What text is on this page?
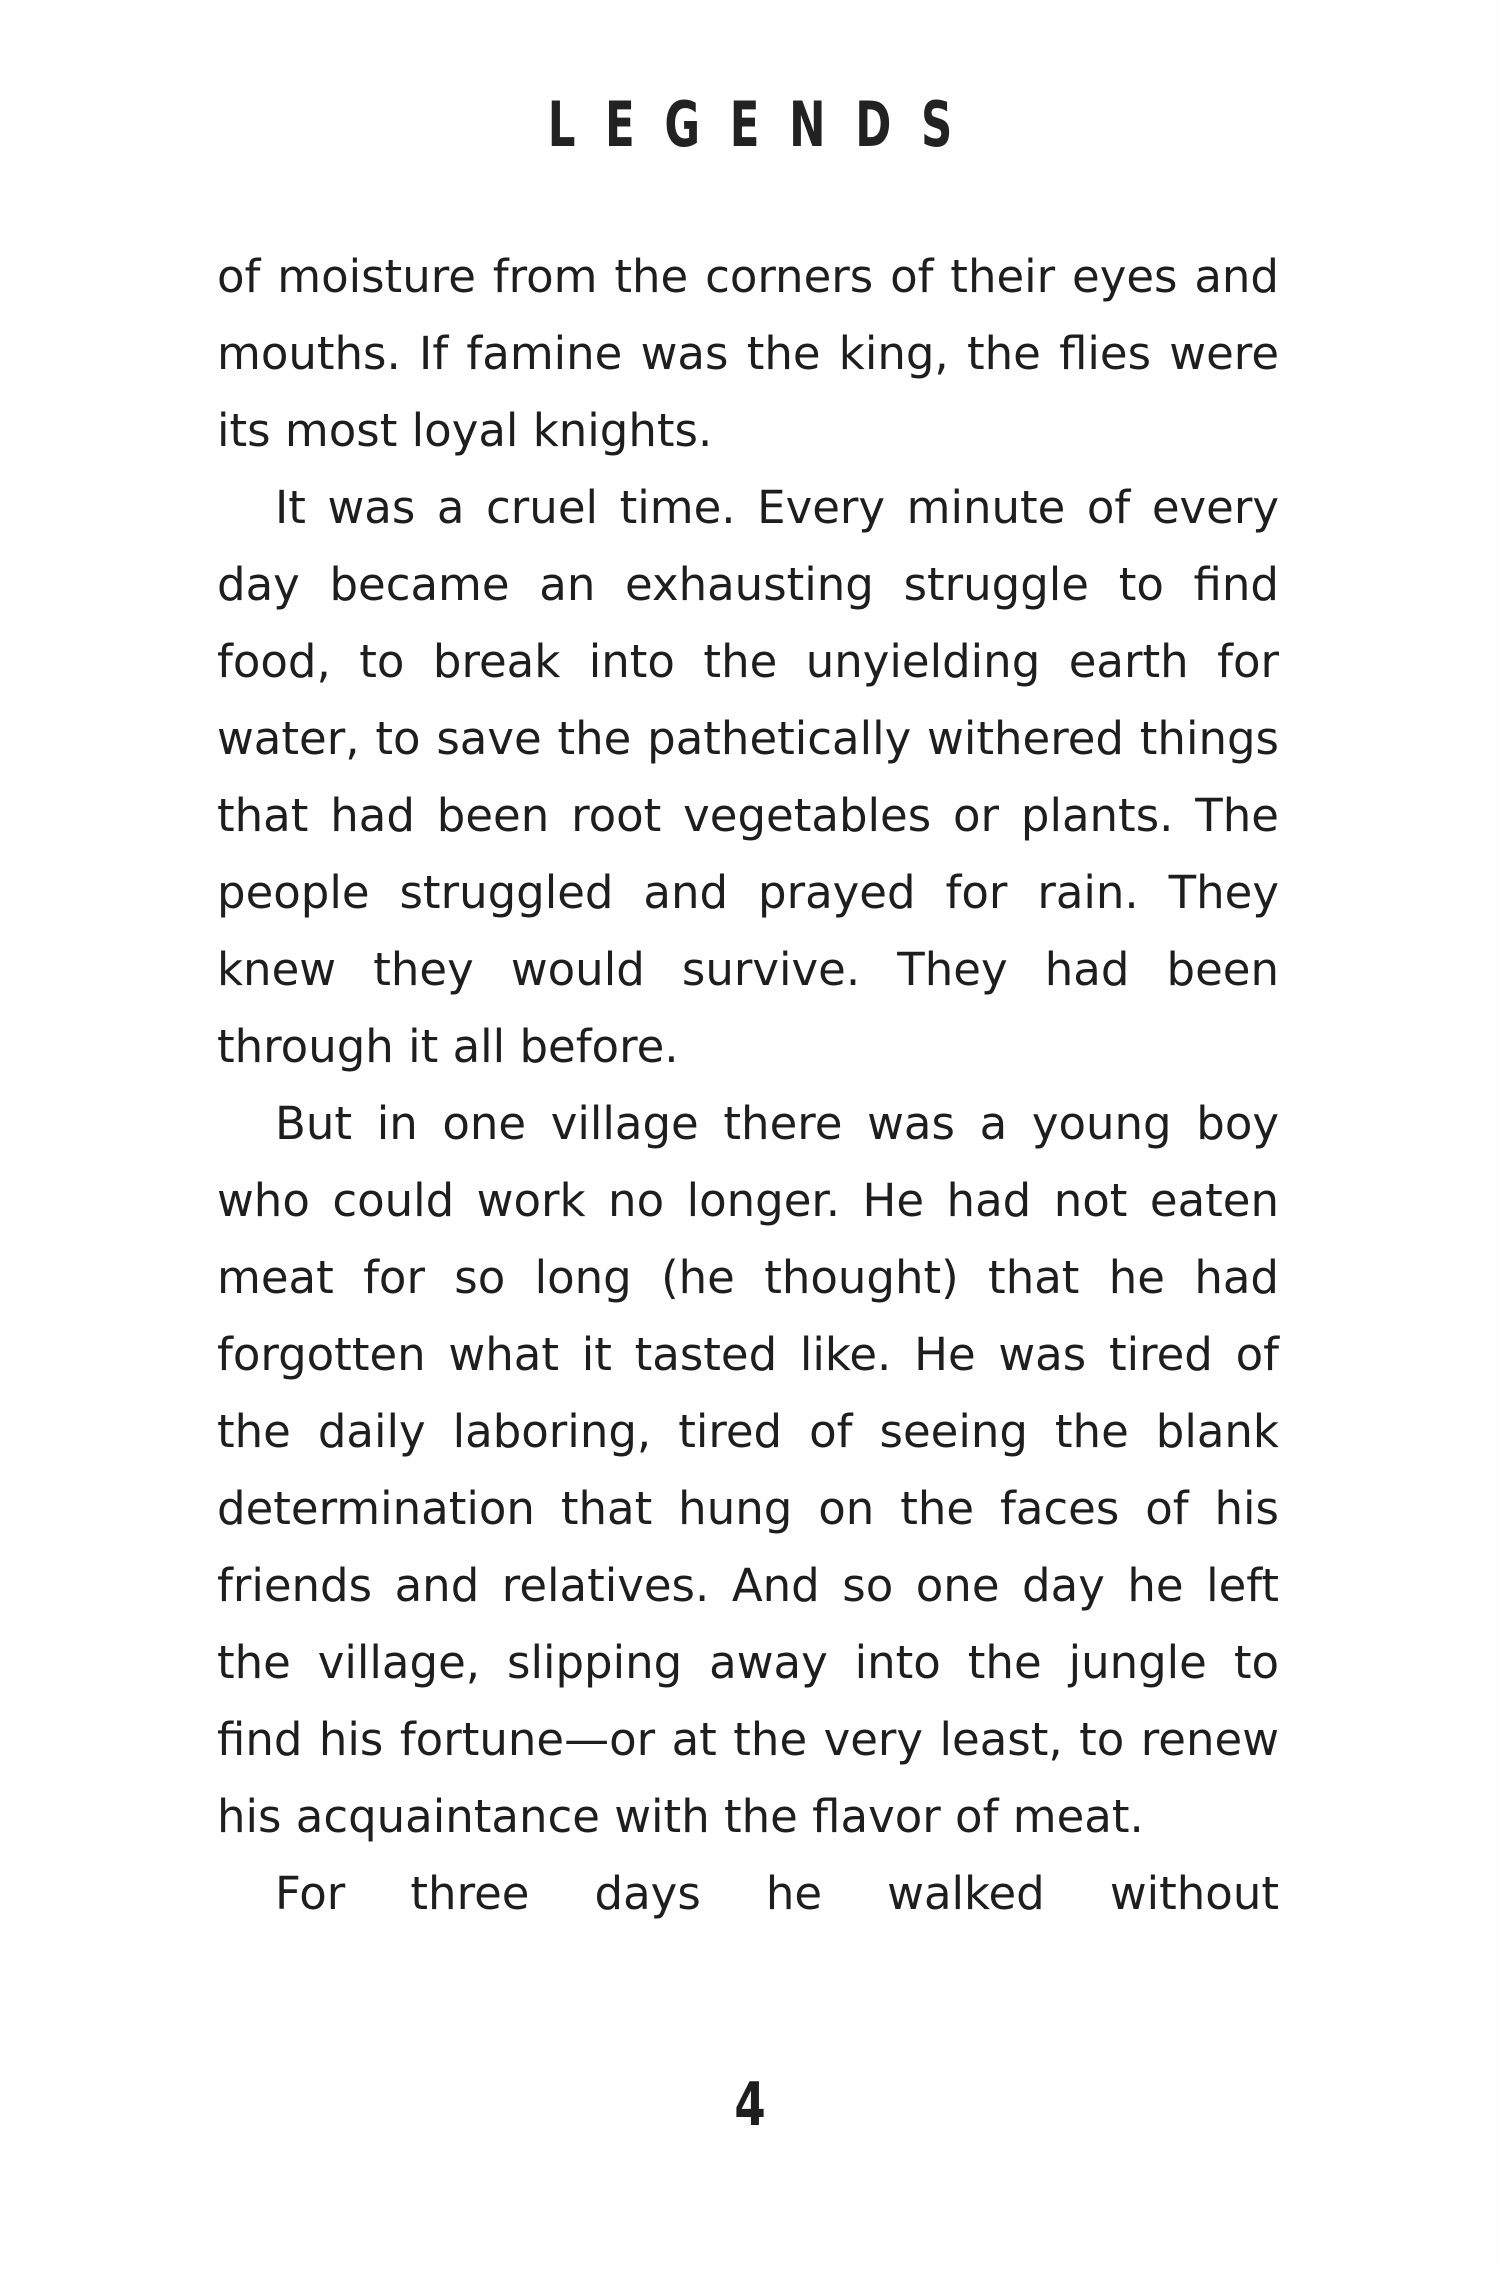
LEGENDS

of moisture from the corners of their eyes and mouths. If famine was the king, the flies were its most loyal knights.

It was a cruel time. Every minute of every day became an exhausting struggle to find food, to break into the unyielding earth for water, to save the pathetically withered things that had been root vegetables or plants. The people struggled and prayed for rain. They knew they would survive. They had been through it all before.

But in one village there was a young boy who could work no longer. He had not eaten meat for so long (he thought) that he had forgotten what it tasted like. He was tired of the daily laboring, tired of seeing the blank determination that hung on the faces of his friends and relatives. And so one day he left the village, slipping away into the jungle to find his fortune—or at the very least, to renew his acquaintance with the flavor of meat.

For three days he walked without

4
